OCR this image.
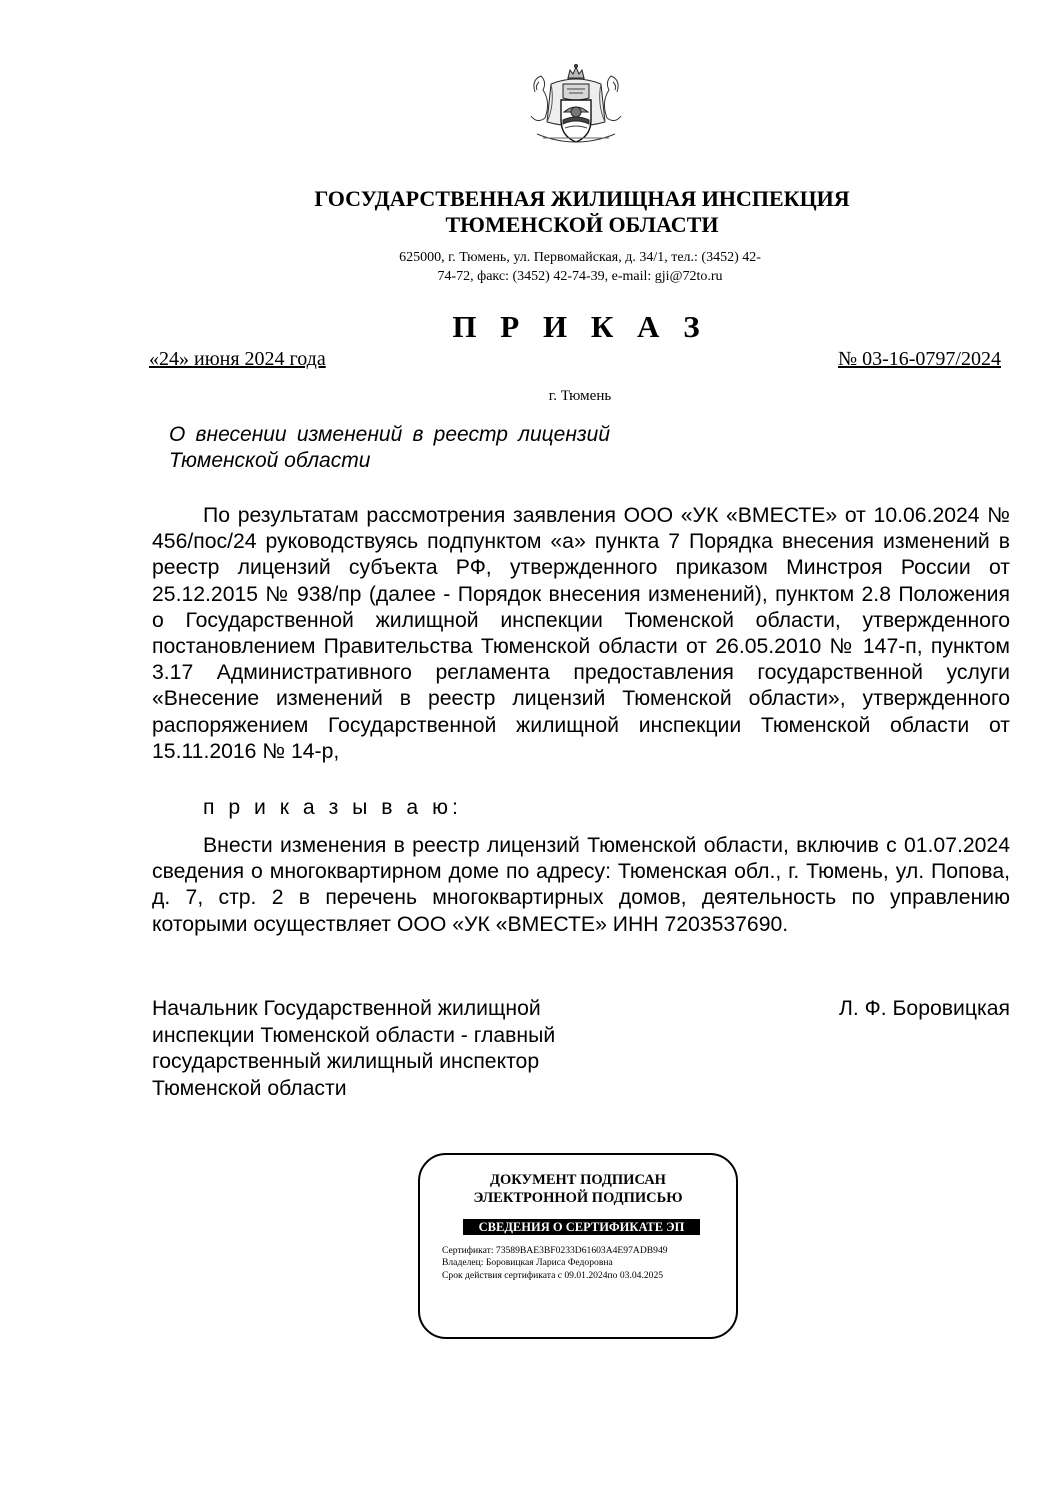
ГОСУДАРСТВЕННАЯ ЖИЛИЩНАЯ ИНСПЕКЦИЯ
ТЮМЕНСКОЙ ОБЛАСТИ
625000, г. Тюмень, ул. Первомайская, д. 34/1, тел.: (3452) 42-
74-72, факс: (3452) 42-74-39, e-mail: gji@72to.ru
П Р И К А З
«24» июня 2024 года	№ 03-16-0797/2024
г. Тюмень
О внесении изменений в реестр лицензий Тюменской области
По результатам рассмотрения заявления ООО «УК «ВМЕСТЕ» от 10.06.2024 № 456/пос/24 руководствуясь подпунктом «а» пункта 7 Порядка внесения изменений в реестр лицензий субъекта РФ, утвержденного приказом Минстроя России от 25.12.2015 № 938/пр (далее - Порядок внесения изменений), пунктом 2.8 Положения о Государственной жилищной инспекции Тюменской области, утвержденного постановлением Правительства Тюменской области от 26.05.2010 № 147-п, пунктом 3.17 Административного регламента предоставления государственной услуги «Внесение изменений в реестр лицензий Тюменской области», утвержденного распоряжением Государственной жилищной инспекции Тюменской области от 15.11.2016 № 14-р,
п р и к а з ы в а ю:
Внести изменения в реестр лицензий Тюменской области, включив с 01.07.2024 сведения о многоквартирном доме по адресу: Тюменская обл., г. Тюмень, ул. Попова, д. 7, стр. 2 в перечень многоквартирных домов, деятельность по управлению которыми осуществляет ООО «УК «ВМЕСТЕ» ИНН 7203537690.
Начальник Государственной жилищной
инспекции Тюменской области - главный
государственный жилищный инспектор
Тюменской области
Л. Ф. Боровицкая
ДОКУМЕНТ ПОДПИСАН
ЭЛЕКТРОННОЙ ПОДПИСЬЮ
СВЕДЕНИЯ О СЕРТИФИКАТЕ ЭП
Сертификат: 73589BAE3BF0233D61603A4E97ADB949
Владелец: Боровицкая Лариса Федоровна
Срок действия сертификата с 09.01.2024по 03.04.2025
